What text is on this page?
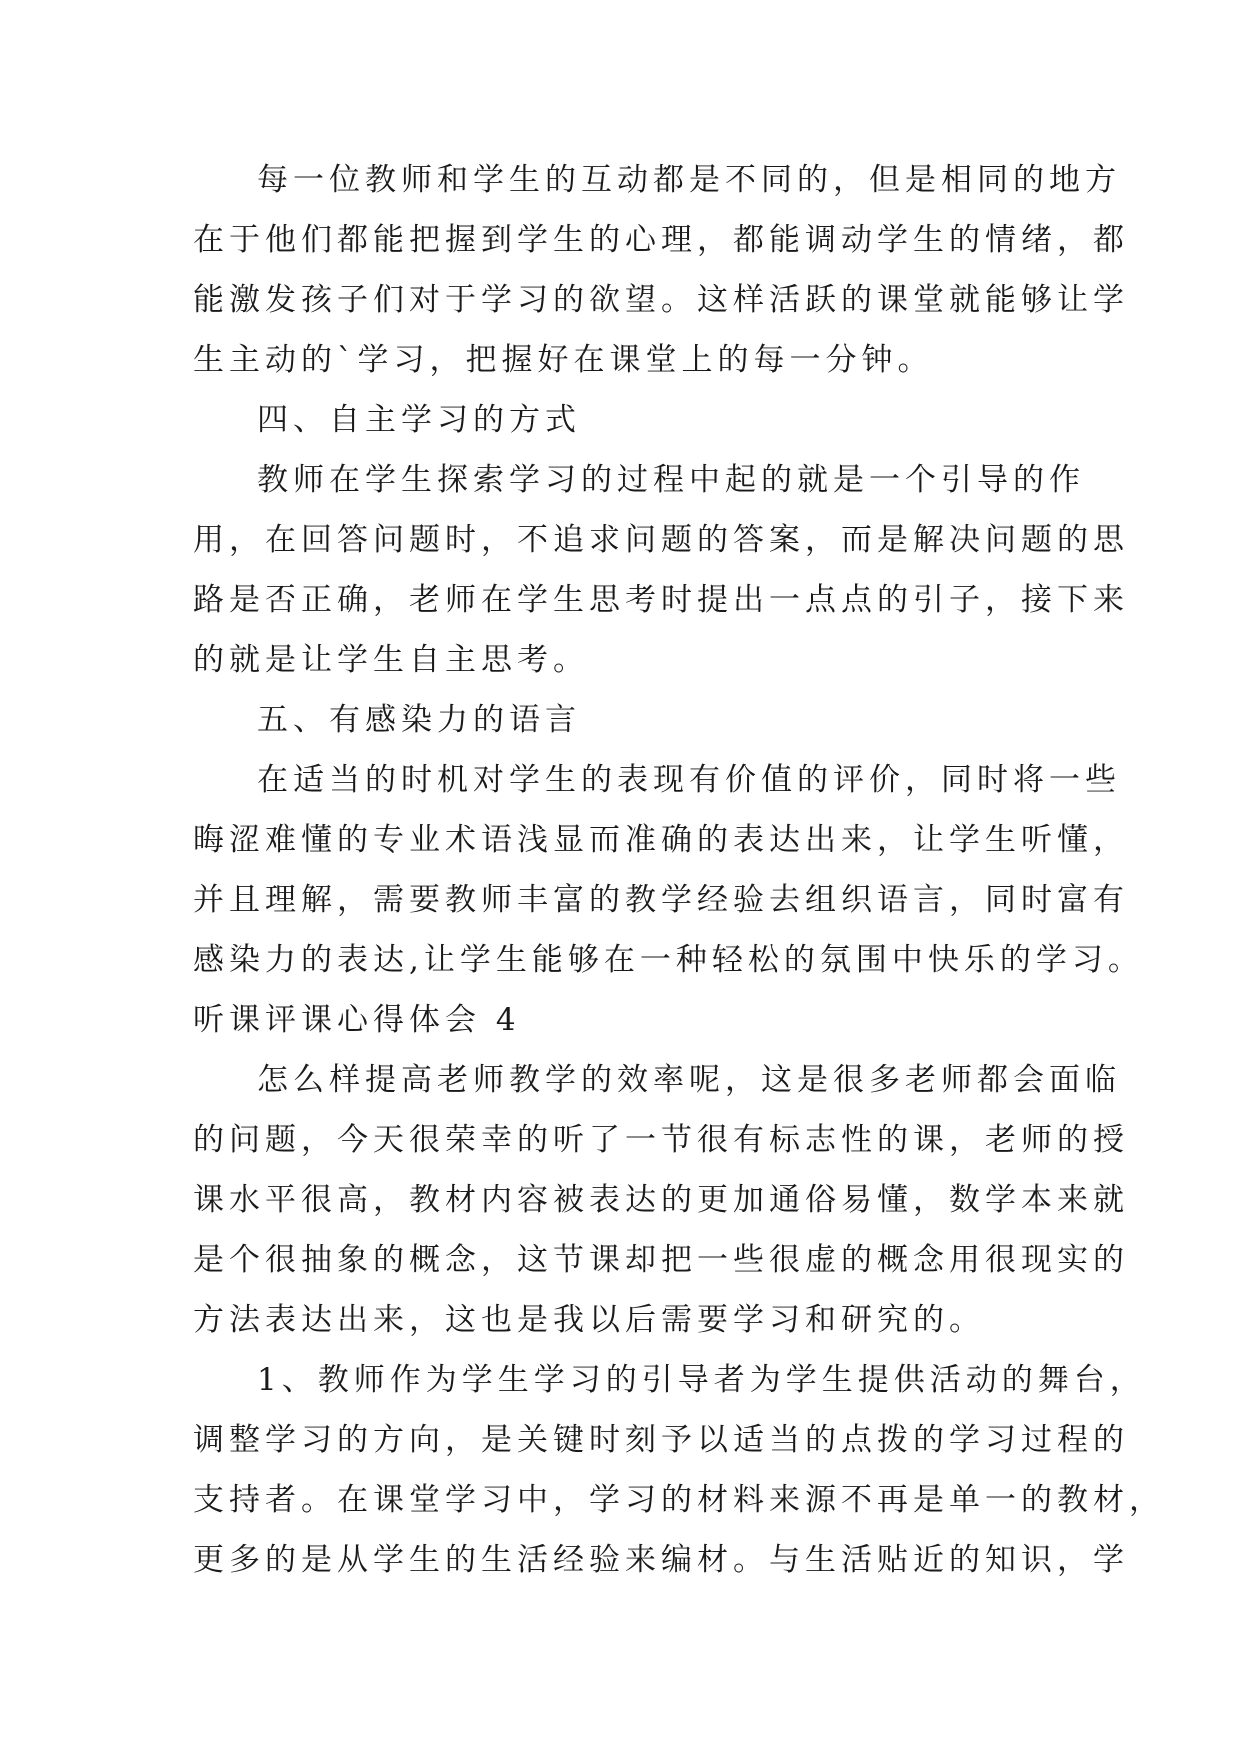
每一位教师和学生的互动都是不同的，但是相同的地方
在于他们都能把握到学生的心理，都能调动学生的情绪，都
能激发孩子们对于学习的欲望。这样活跃的课堂就能够让学
生主动的`学习，把握好在课堂上的每一分钟。
四、自主学习的方式
教师在学生探索学习的过程中起的就是一个引导的作
用，在回答问题时，不追求问题的答案，而是解决问题的思
路是否正确，老师在学生思考时提出一点点的引子，接下来
的就是让学生自主思考。
五、有感染力的语言
在适当的时机对学生的表现有价值的评价，同时将一些
晦涩难懂的专业术语浅显而准确的表达出来，让学生听懂，
并且理解，需要教师丰富的教学经验去组织语言，同时富有
感染力的表达,让学生能够在一种轻松的氛围中快乐的学习。
听课评课心得体会 4
怎么样提高老师教学的效率呢，这是很多老师都会面临
的问题，今天很荣幸的听了一节很有标志性的课，老师的授
课水平很高，教材内容被表达的更加通俗易懂，数学本来就
是个很抽象的概念，这节课却把一些很虚的概念用很现实的
方法表达出来，这也是我以后需要学习和研究的。
1、教师作为学生学习的引导者为学生提供活动的舞台，
调整学习的方向，是关键时刻予以适当的点拨的学习过程的
支持者。在课堂学习中，学习的材料来源不再是单一的教材，
更多的是从学生的生活经验来编材。与生活贴近的知识，学
